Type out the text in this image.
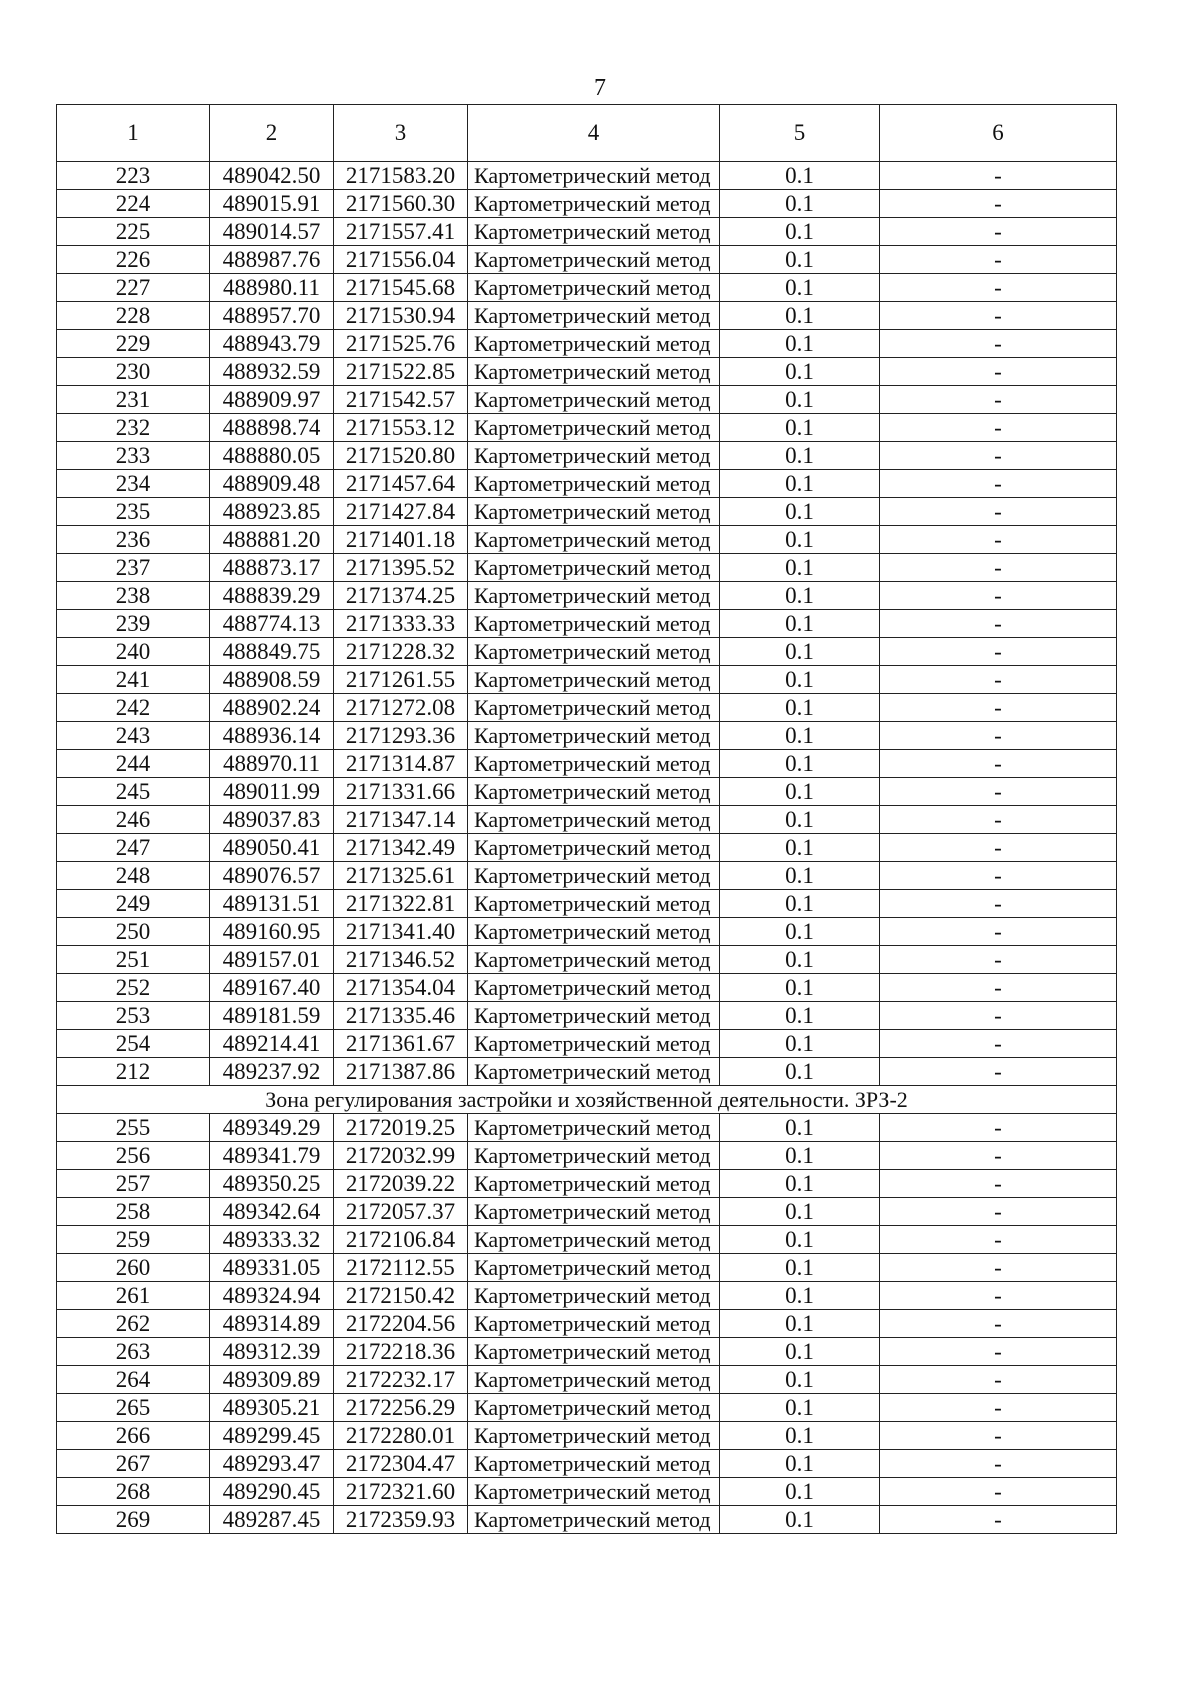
7
1	2	3	4	5	6
223	489042.50	2171583.20	Картометрический метод	0.1	-
224	489015.91	2171560.30	Картометрический метод	0.1	-
225	489014.57	2171557.41	Картометрический метод	0.1	-
226	488987.76	2171556.04	Картометрический метод	0.1	-
227	488980.11	2171545.68	Картометрический метод	0.1	-
228	488957.70	2171530.94	Картометрический метод	0.1	-
229	488943.79	2171525.76	Картометрический метод	0.1	-
230	488932.59	2171522.85	Картометрический метод	0.1	-
231	488909.97	2171542.57	Картометрический метод	0.1	-
232	488898.74	2171553.12	Картометрический метод	0.1	-
233	488880.05	2171520.80	Картометрический метод	0.1	-
234	488909.48	2171457.64	Картометрический метод	0.1	-
235	488923.85	2171427.84	Картометрический метод	0.1	-
236	488881.20	2171401.18	Картометрический метод	0.1	-
237	488873.17	2171395.52	Картометрический метод	0.1	-
238	488839.29	2171374.25	Картометрический метод	0.1	-
239	488774.13	2171333.33	Картометрический метод	0.1	-
240	488849.75	2171228.32	Картометрический метод	0.1	-
241	488908.59	2171261.55	Картометрический метод	0.1	-
242	488902.24	2171272.08	Картометрический метод	0.1	-
243	488936.14	2171293.36	Картометрический метод	0.1	-
244	488970.11	2171314.87	Картометрический метод	0.1	-
245	489011.99	2171331.66	Картометрический метод	0.1	-
246	489037.83	2171347.14	Картометрический метод	0.1	-
247	489050.41	2171342.49	Картометрический метод	0.1	-
248	489076.57	2171325.61	Картометрический метод	0.1	-
249	489131.51	2171322.81	Картометрический метод	0.1	-
250	489160.95	2171341.40	Картометрический метод	0.1	-
251	489157.01	2171346.52	Картометрический метод	0.1	-
252	489167.40	2171354.04	Картометрический метод	0.1	-
253	489181.59	2171335.46	Картометрический метод	0.1	-
254	489214.41	2171361.67	Картометрический метод	0.1	-
212	489237.92	2171387.86	Картометрический метод	0.1	-
Зона регулирования застройки и хозяйственной деятельности. ЗРЗ-2					
255	489349.29	2172019.25	Картометрический метод	0.1	-
256	489341.79	2172032.99	Картометрический метод	0.1	-
257	489350.25	2172039.22	Картометрический метод	0.1	-
258	489342.64	2172057.37	Картометрический метод	0.1	-
259	489333.32	2172106.84	Картометрический метод	0.1	-
260	489331.05	2172112.55	Картометрический метод	0.1	-
261	489324.94	2172150.42	Картометрический метод	0.1	-
262	489314.89	2172204.56	Картометрический метод	0.1	-
263	489312.39	2172218.36	Картометрический метод	0.1	-
264	489309.89	2172232.17	Картометрический метод	0.1	-
265	489305.21	2172256.29	Картометрический метод	0.1	-
266	489299.45	2172280.01	Картометрический метод	0.1	-
267	489293.47	2172304.47	Картометрический метод	0.1	-
268	489290.45	2172321.60	Картометрический метод	0.1	-
269	489287.45	2172359.93	Картометрический метод	0.1	-
